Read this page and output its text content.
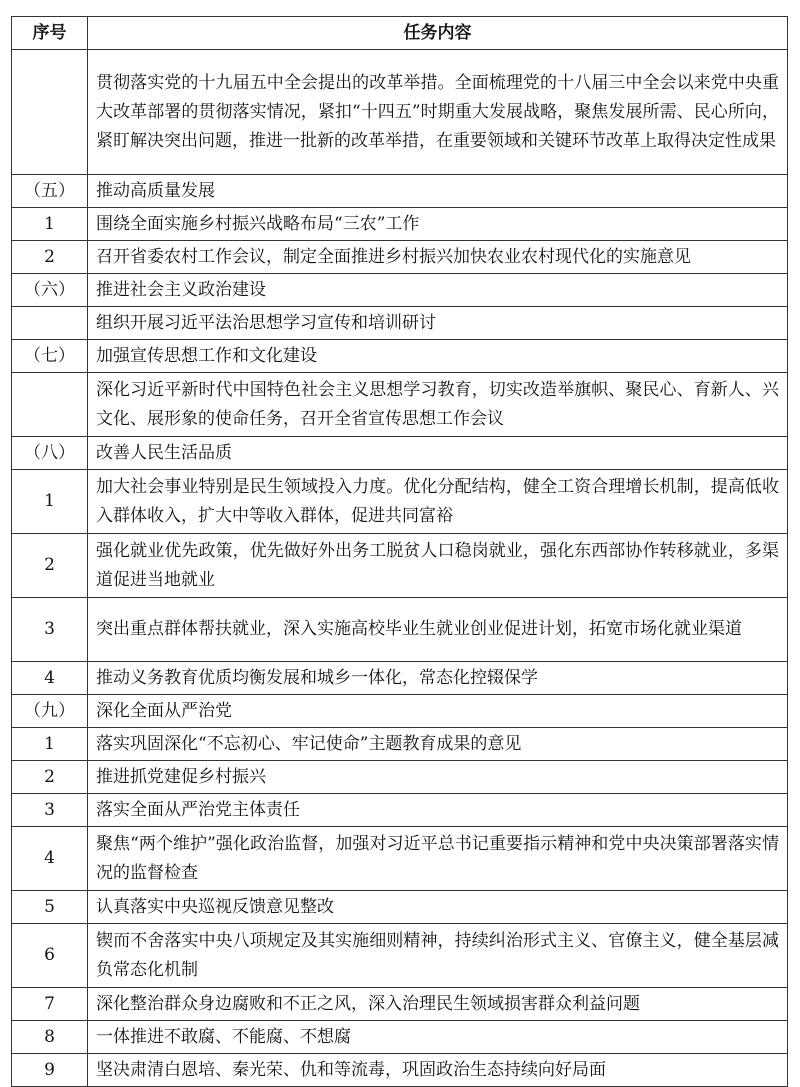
序号	任务内容
	贯彻落实党的十九届五中全会提出的改革举措。全面梳理党的十八届三中全会以来党中央重大改革部署的贯彻落实情况，紧扣“十四五”时期重大发展战略，聚焦发展所需、民心所向，紧盯解决突出问题，推进一批新的改革举措，在重要领域和关键环节改革上取得决定性成果
（五）	推动高质量发展
1	围绕全面实施乡村振兴战略布局“三农”工作
2	召开省委农村工作会议，制定全面推进乡村振兴加快农业农村现代化的实施意见
（六）	推进社会主义政治建设
	组织开展习近平法治思想学习宣传和培训研讨
（七）	加强宣传思想工作和文化建设
	深化习近平新时代中国特色社会主义思想学习教育，切实改造举旗帜、聚民心、育新人、兴文化、展形象的使命任务，召开全省宣传思想工作会议
（八）	改善人民生活品质
1	加大社会事业特别是民生领域投入力度。优化分配结构，健全工资合理增长机制，提高低收入群体收入，扩大中等收入群体，促进共同富裕
2	强化就业优先政策，优先做好外出务工脱贫人口稳岗就业，强化东西部协作转移就业，多渠道促进当地就业
3	突出重点群体帮扶就业，深入实施高校毕业生就业创业促进计划，拓宽市场化就业渠道
4	推动义务教育优质均衡发展和城乡一体化，常态化控辍保学
（九）	深化全面从严治党
1	落实巩固深化“不忘初心、牢记使命”主题教育成果的意见
2	推进抓党建促乡村振兴
3	落实全面从严治党主体责任
4	聚焦“两个维护”强化政治监督，加强对习近平总书记重要指示精神和党中央决策部署落实情况的监督检查
5	认真落实中央巡视反馈意见整改
6	锲而不舍落实中央八项规定及其实施细则精神，持续纠治形式主义、官僚主义，健全基层减负常态化机制
7	深化整治群众身边腐败和不正之风，深入治理民生领域损害群众利益问题
8	一体推进不敢腐、不能腐、不想腐
9	坚决肃清白恩培、秦光荣、仇和等流毒，巩固政治生态持续向好局面
